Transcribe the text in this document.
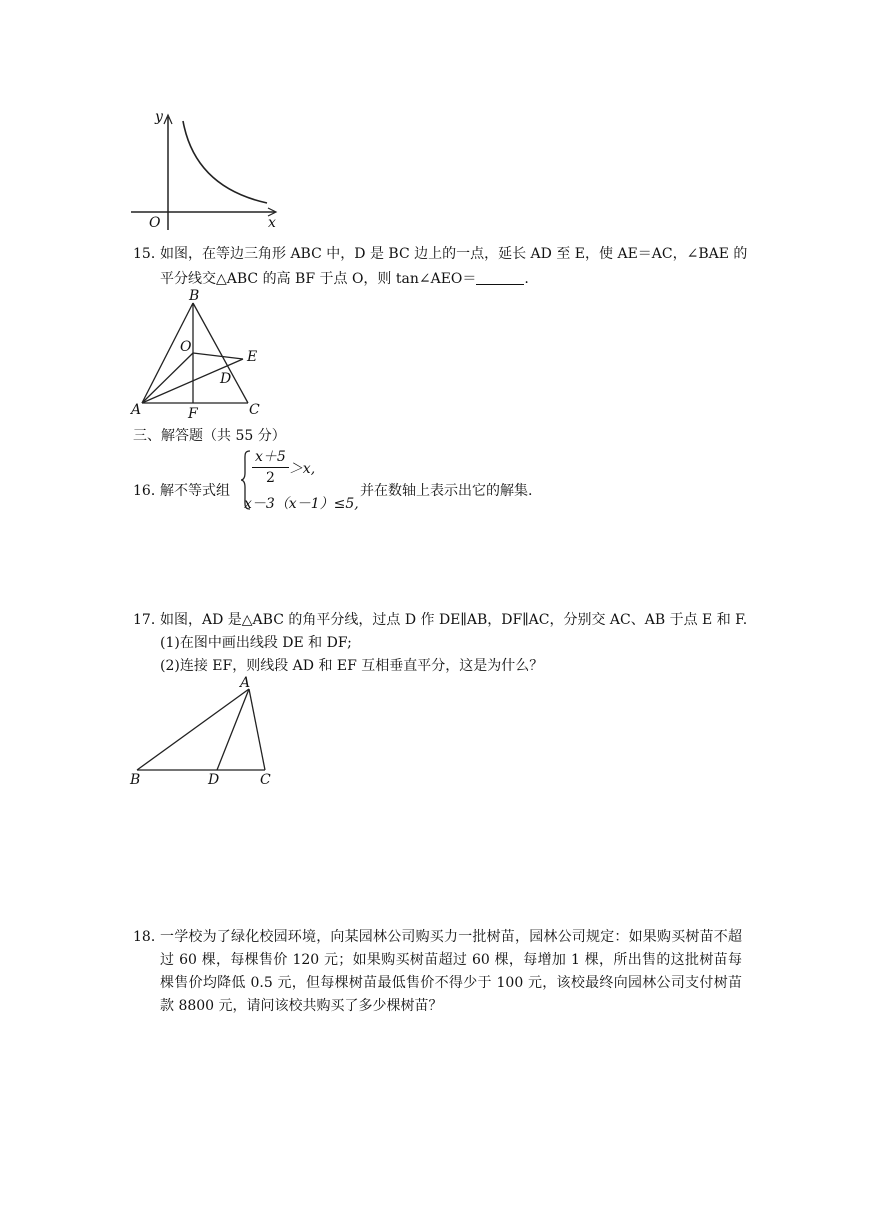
y
x
O
15．
如图，在等边三角形 ABC 中，D 是 BC 边上的一点，延长 AD 至 E，使 AE＝AC，∠BAE 的
平分线交△ABC 的高 BF 于点 O，则 tan∠AEO＝	.
B
O
E
D
A	F	C
三、解答题（共 55 分）
16．
解不等式组
$\frac{x+5}{2} >x$,
x－3（x－1）≤5,
并在数轴上表示出它的解集.
17．
如图，AD 是△ABC 的角平分线，过点 D 作 DE∥AB，DF∥AC，分别交 AC、AB 于点 E 和 F.
(1)在图中画出线段 DE 和 DF;
(2)连接 EF，则线段 AD 和 EF 互相垂直平分，这是为什么？
A
B	D	C
18．
一学校为了绿化校园环境，向某园林公司购买力一批树苗，园林公司规定：如果购买树苗不超过 60 棵，每棵售价 120 元；如果购买树苗超过 60 棵，每增加 1 棵，所出售的这批树苗每棵售价均降低 0.5 元，但每棵树苗最低售价不得少于 100 元，该校最终向园林公司支付树苗款 8800 元，请问该校共购买了多少棵树苗？
